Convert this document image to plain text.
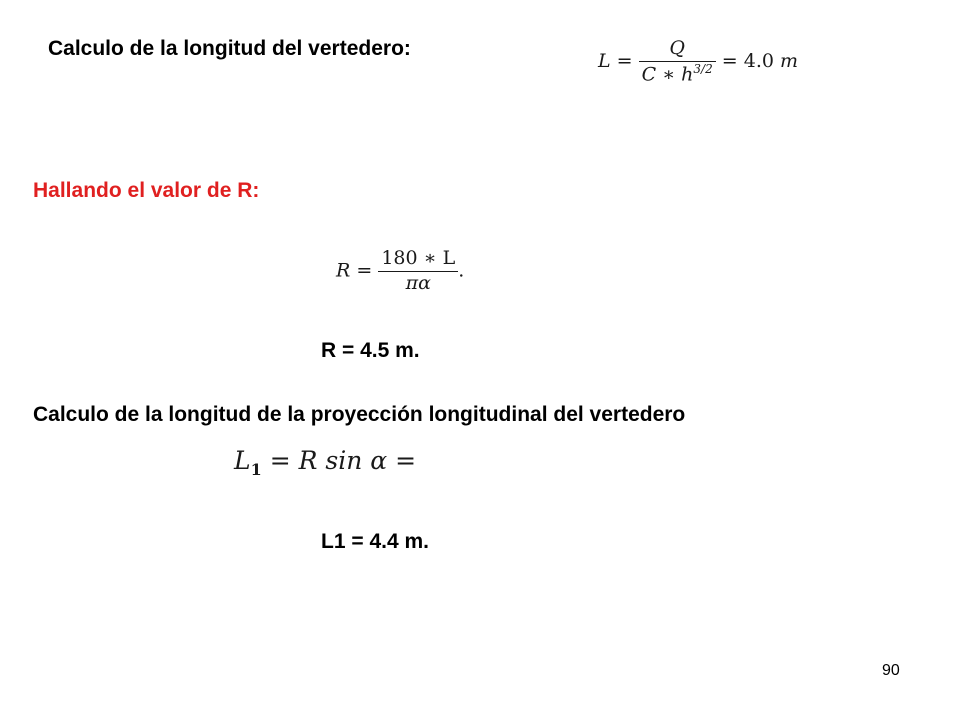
Calculo de la longitud del vertedero:
$L = \frac{Q}{C ∗ h^{3/2}} = 4.0$ m
Hallando el valor de R:
$R = \frac{180 ∗ L}{\pi\alpha}$ .
R = 4.5 m.
Calculo de la longitud de la proyección longitudinal del vertedero
$L_1 = R$ sin α =
L1 = 4.4 m.
90
